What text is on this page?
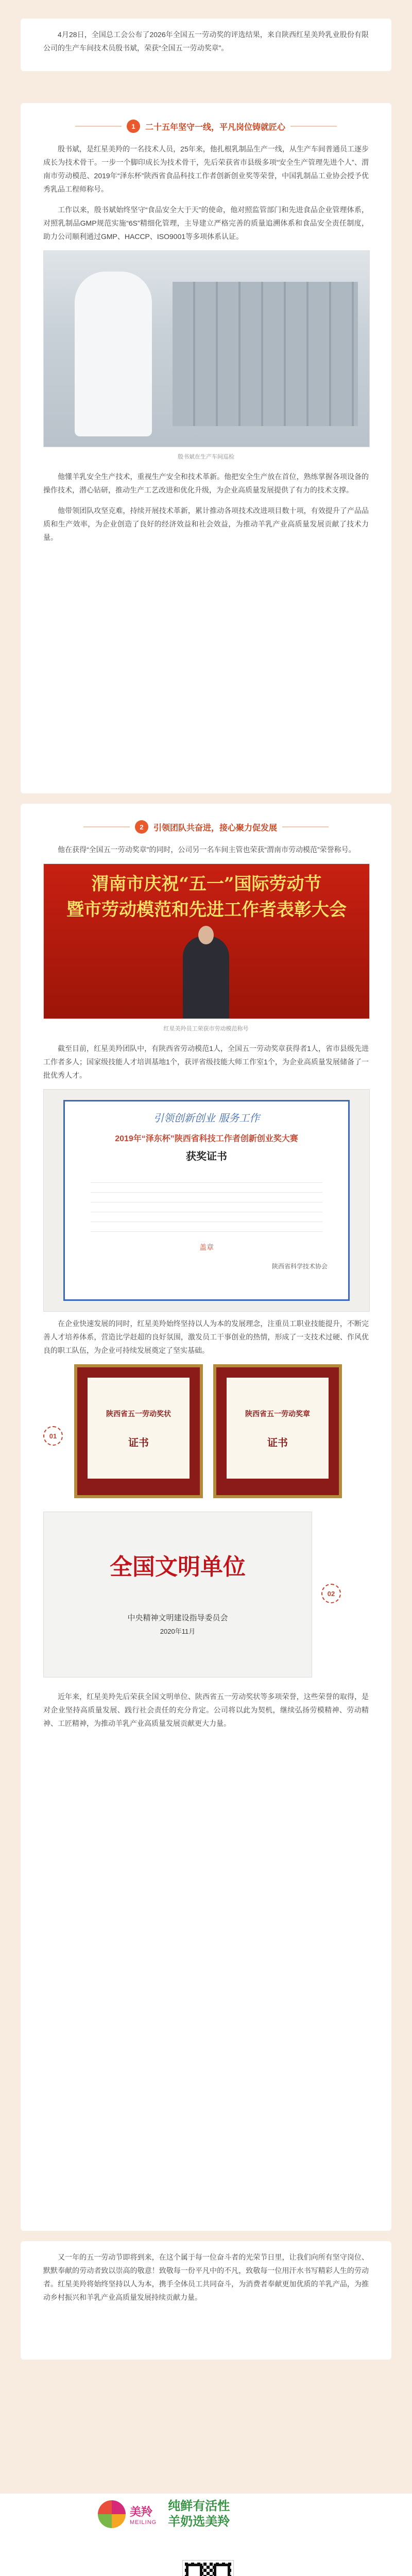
4月28日，全国总工会公布了2026年全国五一劳动奖的评选结果，来自陕西红星美羚乳业股份有限公司的生产车间技术员殷书斌，荣获“全国五一劳动奖章”。

1	二十五年坚守一线，平凡岗位铸就匠心

殷书斌，是红星美羚的一名技术人员，25年来，他扎根乳制品生产一线，从生产车间普通员工逐步成长为技术骨干。一步一个脚印成长为技术骨干，先后荣获省市县级多项“安全生产管理先进个人”、渭南市劳动模范、2019年“泽东杯”陕西省食品科技工作者创新创业奖等荣誉，中国乳制品工业协会授予优秀乳品工程师称号。

工作以来，殷书斌始终坚守“食品安全大于天”的使命，他对照监管部门和先进食品企业管理体系，对照乳制品GMP规范实施“6S”精细化管理，主导建立严格完善的质量追溯体系和食品安全责任制度，助力公司顺利通过GMP、HACCP、ISO9001等多项体系认证。

殷书斌在生产车间巡检

他懂羊乳安全生产技术，重视生产安全和技术革新。他把安全生产放在首位，熟练掌握各项设备的操作技术，潜心钻研，推动生产工艺改进和优化升级，为企业高质量发展提供了有力的技术支撑。

他带领团队攻坚克难，持续开展技术革新，累计推动各项技术改进项目数十项，有效提升了产品品质和生产效率，为企业创造了良好的经济效益和社会效益，为推动羊乳产业高质量发展贡献了技术力量。

2	引领团队共奋进，接心聚力促发展

他在获得“全国五一劳动奖章”的同时，公司另一名车间主管也荣获“渭南市劳动模范”荣誉称号。

渭南市庆祝“五一”国际劳动节
暨市劳动模范和先进工作者表彰大会
红星美羚员工荣获市劳动模范称号

截至目前，红星美羚团队中，有陕西省劳动模范1人，全国五一劳动奖章获得者1人，省市县级先进工作者多人；国家级技能人才培训基地1个，获评省级技能大师工作室1个，为企业高质量发展储备了一批优秀人才。

引领创新创业 服务工作
2019年“泽东杯”陕西省科技工作者创新创业奖大赛
获奖证书
盖章
陕西省科学技术协会

在企业快速发展的同时，红星美羚始终坚持以人为本的发展理念，注重员工职业技能提升，不断完善人才培养体系，营造比学赶超的良好氛围，激发员工干事创业的热情，形成了一支技术过硬、作风优良的职工队伍，为企业可持续发展奠定了坚实基础。

01
陕西省五一劳动奖状
证书
陕西省五一劳动奖章
证书
全国文明单位
中央精神文明建设指导委员会
2020年11月
02

近年来，红星美羚先后荣获全国文明单位、陕西省五一劳动奖状等多项荣誉，这些荣誉的取得，是对企业坚持高质量发展、践行社会责任的充分肯定。公司将以此为契机，继续弘扬劳模精神、劳动精神、工匠精神，为推动羊乳产业高质量发展贡献更大力量。

又一年的五一劳动节即将到来，在这个属于每一位奋斗者的光荣节日里，让我们向所有坚守岗位、默默奉献的劳动者致以崇高的敬意！致敬每一份平凡中的不凡，致敬每一位用汗水书写精彩人生的劳动者。红星美羚将始终坚持以人为本，携手全体员工共同奋斗，为消费者奉献更加优质的羊乳产品，为推动乡村振兴和羊乳产业高质量发展持续贡献力量。

美羚
MEILING
纯鲜有活性
羊奶选美羚
